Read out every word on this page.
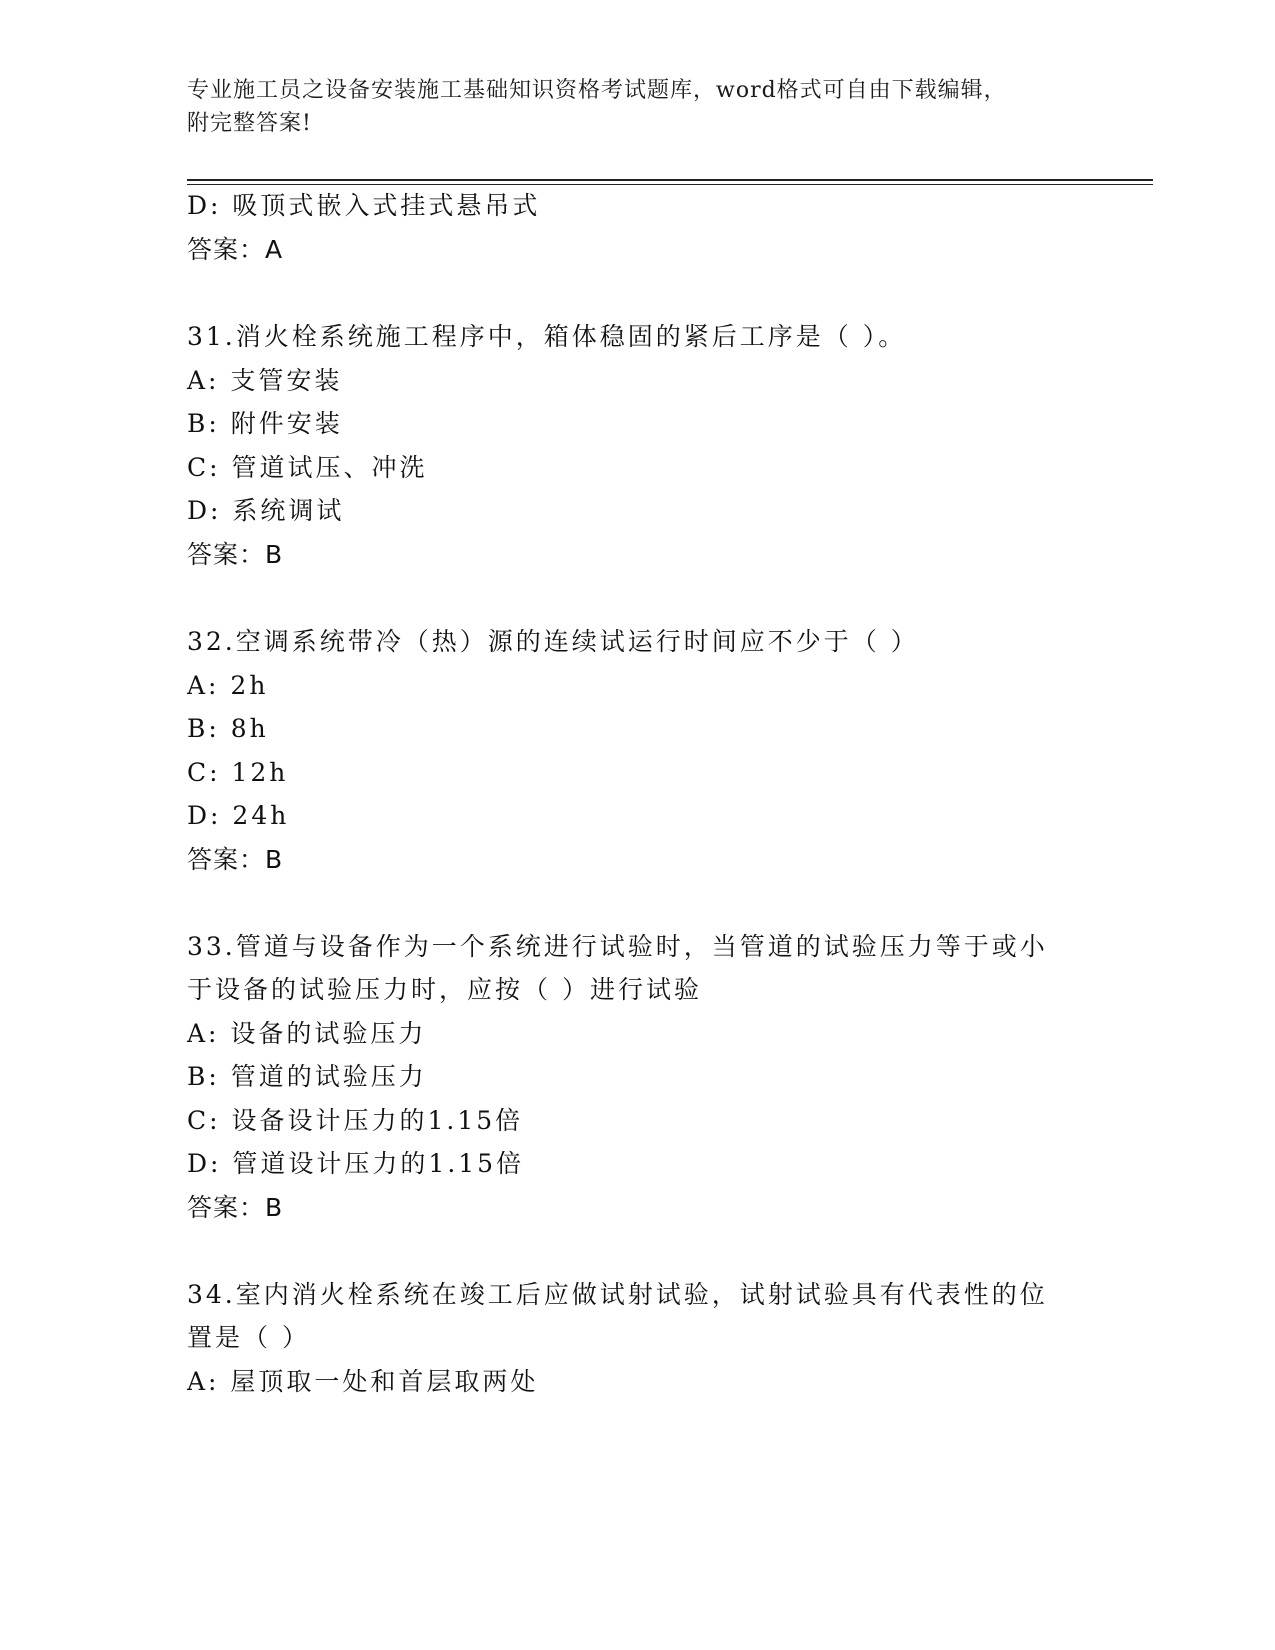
专业施工员之设备安装施工基础知识资格考试题库，word格式可自由下载编辑，
附完整答案!
D: 吸顶式嵌入式挂式悬吊式
答案：A
31.消火栓系统施工程序中，箱体稳固的紧后工序是（ ）。
A: 支管安装
B: 附件安装
C: 管道试压、冲洗
D: 系统调试
答案：B
32.空调系统带冷（热）源的连续试运行时间应不少于（ ）
A: 2h
B: 8h
C: 12h
D: 24h
答案：B
33.管道与设备作为一个系统进行试验时，当管道的试验压力等于或小
于设备的试验压力时，应按（ ）进行试验
A: 设备的试验压力
B: 管道的试验压力
C: 设备设计压力的1.15倍
D: 管道设计压力的1.15倍
答案：B
34.室内消火栓系统在竣工后应做试射试验，试射试验具有代表性的位
置是（ ）
A: 屋顶取一处和首层取两处
